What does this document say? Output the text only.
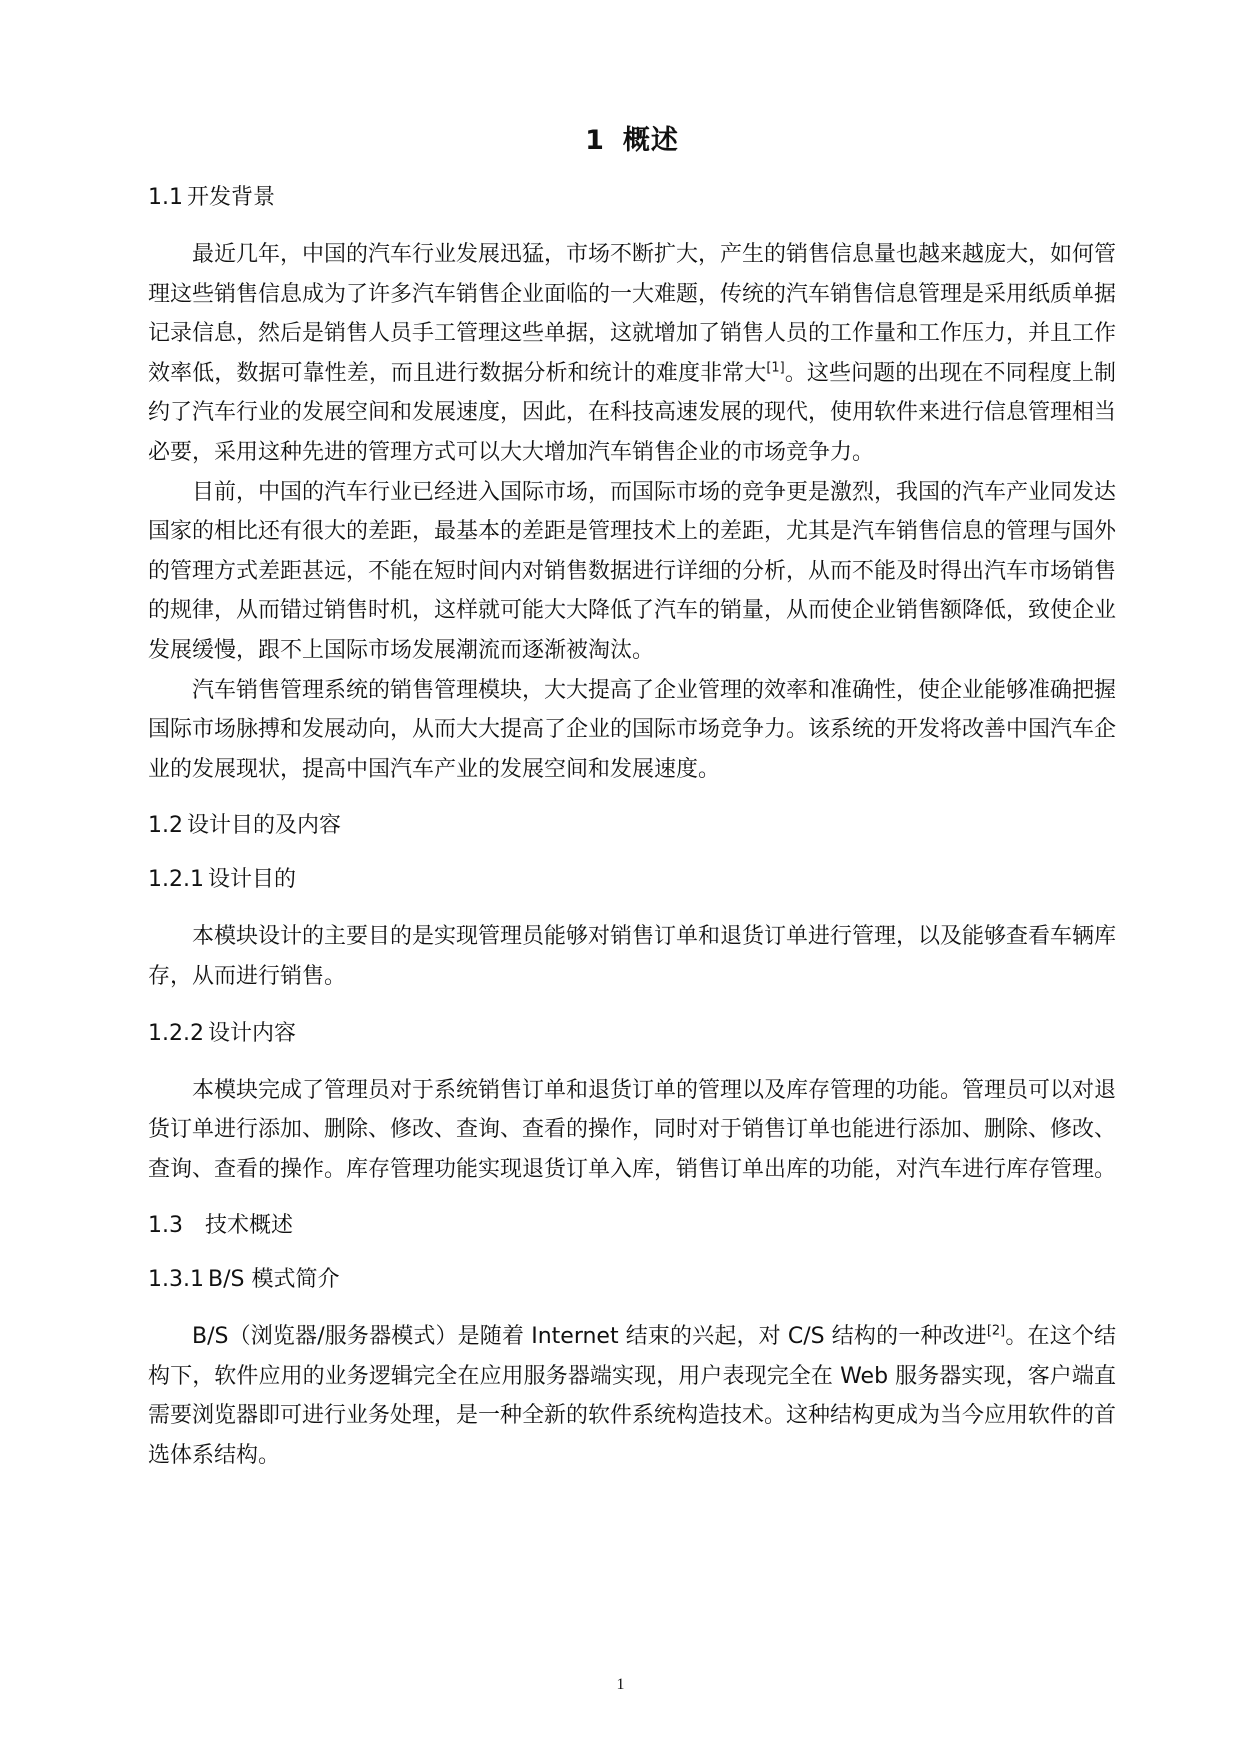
1 概述
1.1 开发背景

最近几年，中国的汽车行业发展迅猛，市场不断扩大，产生的销售信息量也越来越庞大，如何管理这些销售信息成为了许多汽车销售企业面临的一大难题，传统的汽车销售信息管理是采用纸质单据记录信息，然后是销售人员手工管理这些单据，这就增加了销售人员的工作量和工作压力，并且工作效率低，数据可靠性差，而且进行数据分析和统计的难度非常大[1]。这些问题的出现在不同程度上制约了汽车行业的发展空间和发展速度，因此，在科技高速发展的现代，使用软件来进行信息管理相当必要，采用这种先进的管理方式可以大大增加汽车销售企业的市场竞争力。

目前，中国的汽车行业已经进入国际市场，而国际市场的竞争更是激烈，我国的汽车产业同发达国家的相比还有很大的差距，最基本的差距是管理技术上的差距，尤其是汽车销售信息的管理与国外的管理方式差距甚远，不能在短时间内对销售数据进行详细的分析，从而不能及时得出汽车市场销售的规律，从而错过销售时机，这样就可能大大降低了汽车的销量，从而使企业销售额降低，致使企业发展缓慢，跟不上国际市场发展潮流而逐渐被淘汰。

汽车销售管理系统的销售管理模块，大大提高了企业管理的效率和准确性，使企业能够准确把握国际市场脉搏和发展动向，从而大大提高了企业的国际市场竞争力。该系统的开发将改善中国汽车企业的发展现状，提高中国汽车产业的发展空间和发展速度。

1.2 设计目的及内容
1.2.1 设计目的

本模块设计的主要目的是实现管理员能够对销售订单和退货订单进行管理，以及能够查看车辆库存，从而进行销售。

1.2.2 设计内容

本模块完成了管理员对于系统销售订单和退货订单的管理以及库存管理的功能。管理员可以对退货订单进行添加、删除、修改、查询、查看的操作，同时对于销售订单也能进行添加、删除、修改、查询、查看的操作。库存管理功能实现退货订单入库，销售订单出库的功能，对汽车进行库存管理。

1.3 技术概述
1.3.1 B/S 模式简介

B/S（浏览器/服务器模式）是随着 Internet 结束的兴起，对 C/S 结构的一种改进[2]。在这个结构下，软件应用的业务逻辑完全在应用服务器端实现，用户表现完全在 Web 服务器实现，客户端直需要浏览器即可进行业务处理，是一种全新的软件系统构造技术。这种结构更成为当今应用软件的首选体系结构。

1
